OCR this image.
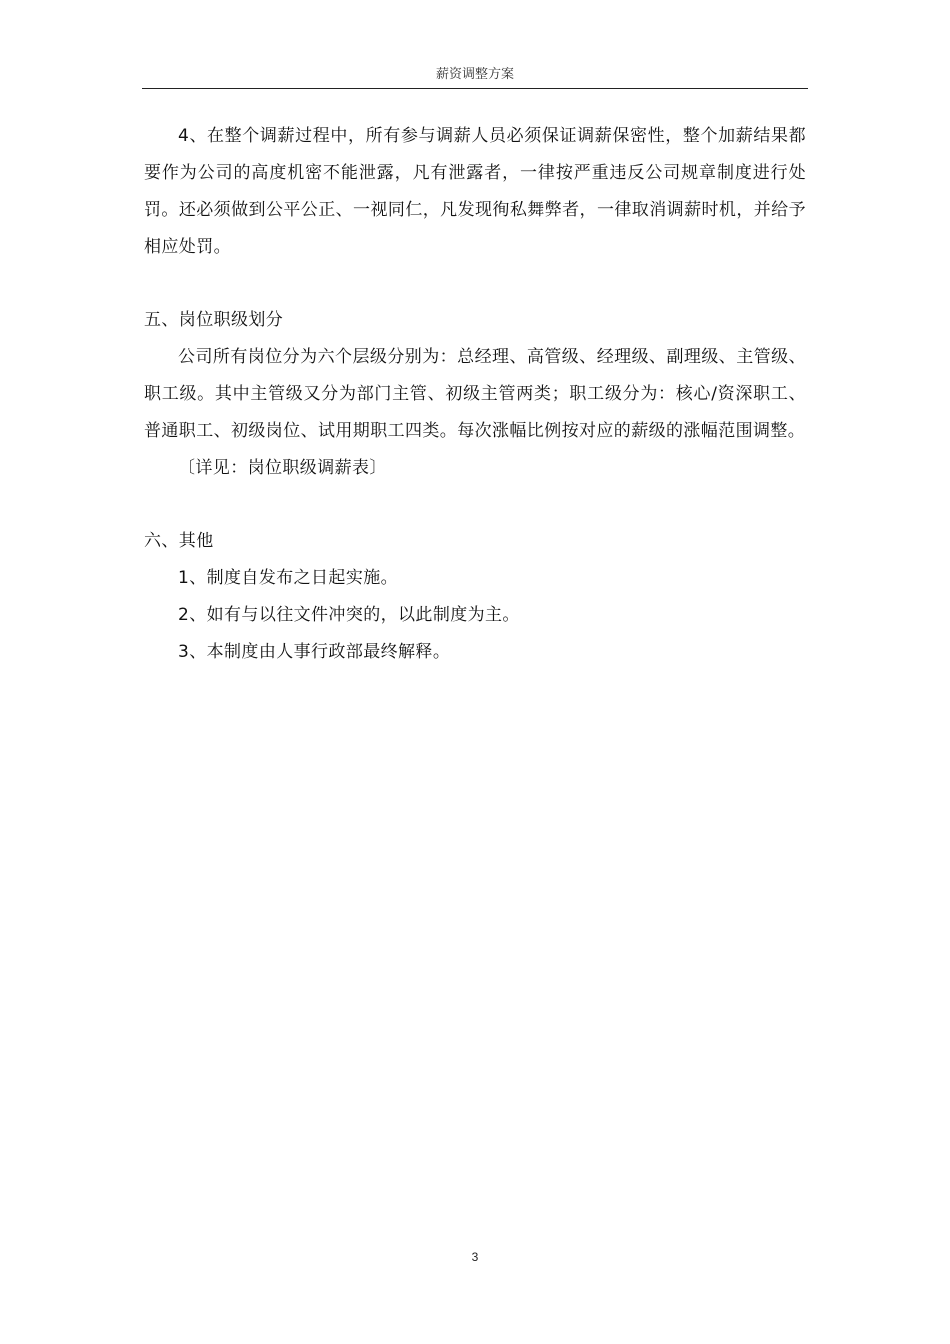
薪资调整方案

4、在整个调薪过程中，所有参与调薪人员必须保证调薪保密性，整个加薪结果都要作为公司的高度机密不能泄露，凡有泄露者，一律按严重违反公司规章制度进行处罚。还必须做到公平公正、一视同仁，凡发现徇私舞弊者，一律取消调薪时机，并给予相应处罚。

五、岗位职级划分

公司所有岗位分为六个层级分别为：总经理、高管级、经理级、副理级、主管级、职工级。其中主管级又分为部门主管、初级主管两类；职工级分为：核心/资深职工、普通职工、初级岗位、试用期职工四类。每次涨幅比例按对应的薪级的涨幅范围调整。

〔详见：岗位职级调薪表〕

六、其他

1、制度自发布之日起实施。

2、如有与以往文件冲突的，以此制度为主。

3、本制度由人事行政部最终解释。

3
